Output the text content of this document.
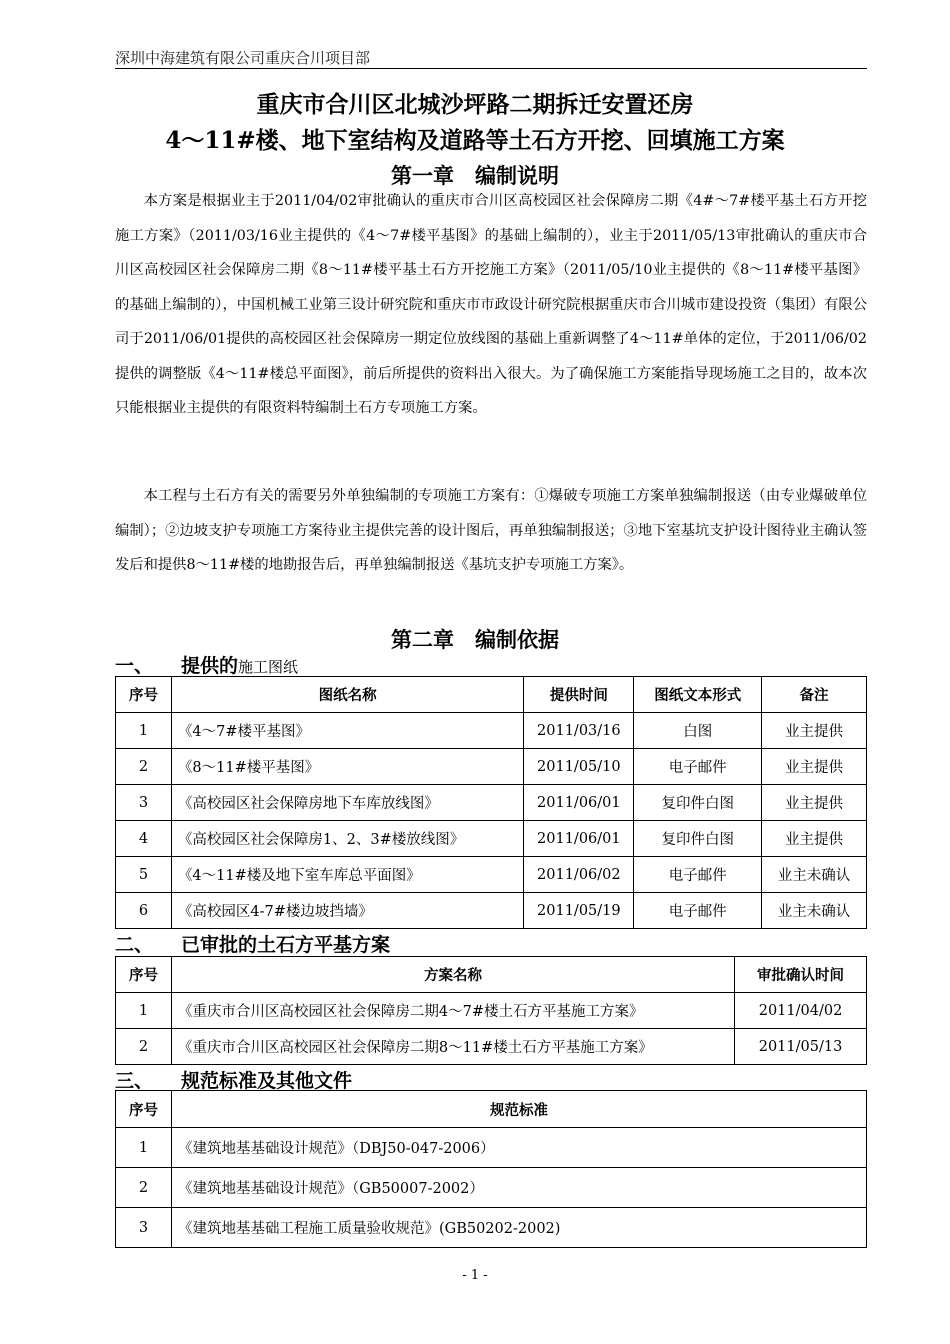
深圳中海建筑有限公司重庆合川项目部
重庆市合川区北城沙坪路二期拆迁安置还房
4～11#楼、地下室结构及道路等土石方开挖、回填施工方案
第一章　编制说明

本方案是根据业主于2011/04/02审批确认的重庆市合川区高校园区社会保障房二期《4#～7#楼平基土石方开挖施工方案》（2011/03/16业主提供的《4～7#楼平基图》的基础上编制的），业主于2011/05/13审批确认的重庆市合川区高校园区社会保障房二期《8～11#楼平基土石方开挖施工方案》（2011/05/10业主提供的《8～11#楼平基图》的基础上编制的），中国机械工业第三设计研究院和重庆市市政设计研究院根据重庆市合川城市建设投资（集团）有限公司于2011/06/01提供的高校园区社会保障房一期定位放线图的基础上重新调整了4～11#单体的定位，于2011/06/02提供的调整版《4～11#楼总平面图》，前后所提供的资料出入很大。为了确保施工方案能指导现场施工之目的，故本次只能根据业主提供的有限资料特编制土石方专项施工方案。

本工程与土石方有关的需要另外单独编制的专项施工方案有：①爆破专项施工方案单独编制报送（由专业爆破单位编制）；②边坡支护专项施工方案待业主提供完善的设计图后，再单独编制报送；③地下室基坑支护设计图待业主确认签发后和提供8～11#楼的地勘报告后，再单独编制报送《基坑支护专项施工方案》。

第二章　编制依据
一、 提供的施工图纸
序号	图纸名称	提供时间	图纸文本形式	备注
1	《4～7#楼平基图》	2011/03/16	白图	业主提供
2	《8～11#楼平基图》	2011/05/10	电子邮件	业主提供
3	《高校园区社会保障房地下车库放线图》	2011/06/01	复印件白图	业主提供
4	《高校园区社会保障房1、2、3#楼放线图》	2011/06/01	复印件白图	业主提供
5	《4～11#楼及地下室车库总平面图》	2011/06/02	电子邮件	业主未确认
6	《高校园区4-7#楼边坡挡墙》	2011/05/19	电子邮件	业主未确认
二、 已审批的土石方平基方案
序号	方案名称	审批确认时间
1	《重庆市合川区高校园区社会保障房二期4～7#楼土石方平基施工方案》	2011/04/02
2	《重庆市合川区高校园区社会保障房二期8～11#楼土石方平基施工方案》	2011/05/13
三、 规范标准及其他文件
序号	规范标准
1	《建筑地基基础设计规范》（DBJ50-047-2006）
2	《建筑地基基础设计规范》（GB50007-2002）
3	《建筑地基基础工程施工质量验收规范》(GB50202-2002)
- 1 -
